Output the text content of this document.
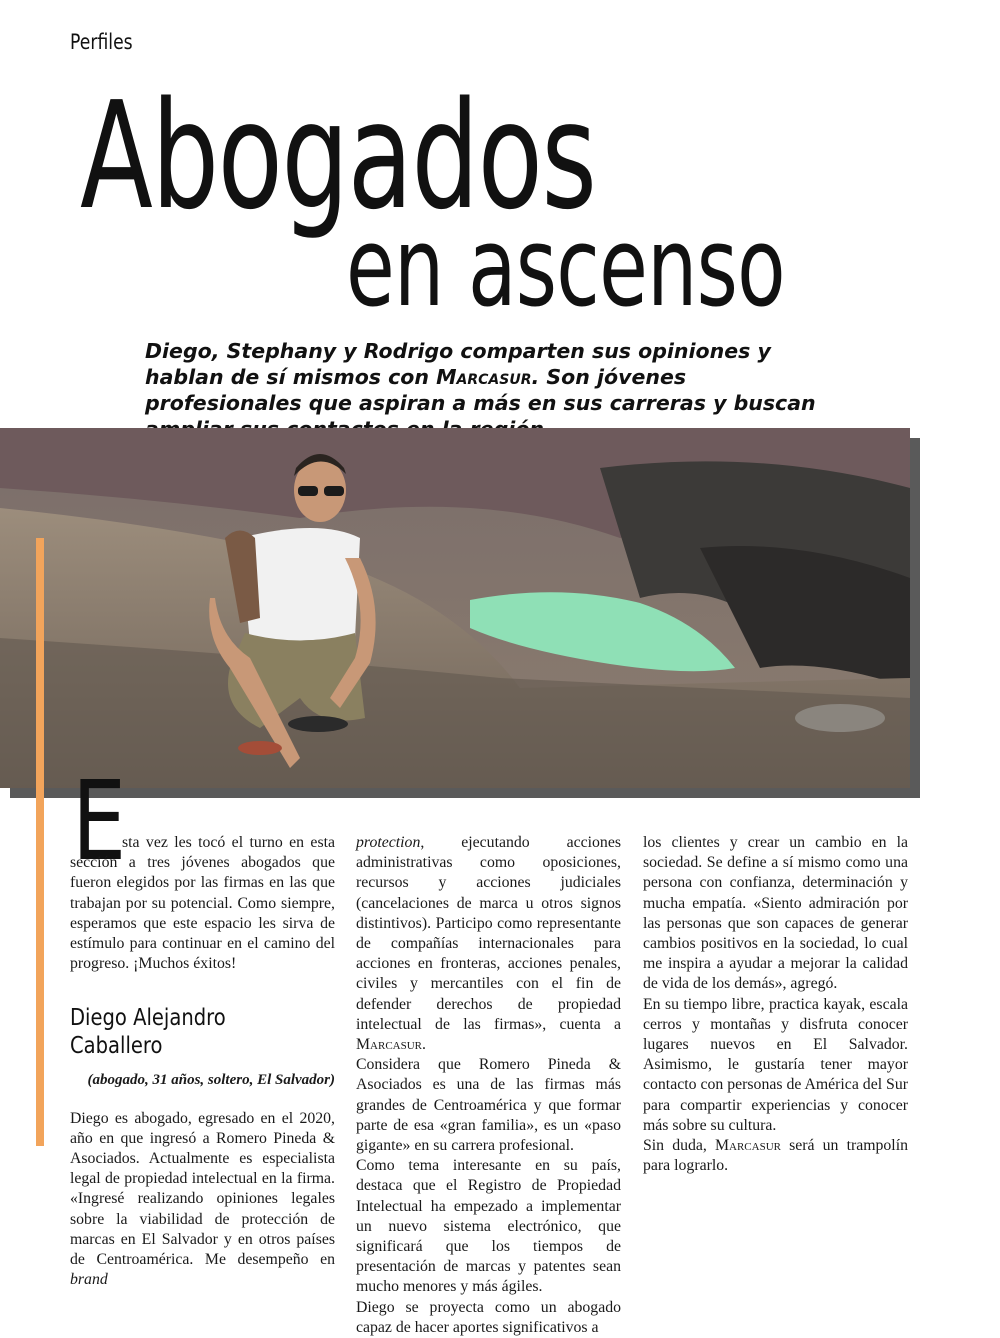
Perfiles
Abogados
en ascenso
Diego, Stephany y Rodrigo comparten sus opiniones y hablan de sí mismos con Marcasur. Son jóvenes profesionales que aspiran a más en sus carreras y buscan
E

sta vez les tocó el turno en esta sección a tres jóvenes abogados que fueron elegidos por las firmas en las que trabajan por su potencial. Como siempre, esperamos que este espacio les sirva de estímulo para continuar en el camino del progreso. ¡Muchos éxitos!

Diego Alejandro
Caballero
(abogado, 31 años, soltero, El Salvador)

Diego es abogado, egresado en el 2020, año en que ingresó a Romero Pineda & Asociados. Actualmente es especialista legal de propiedad intelectual en la firma. «Ingresé realizando opiniones legales sobre la viabilidad de protección de marcas en El Salvador y en otros países de Centroamérica. Me desempeño en brand

protection, ejecutando acciones administrativas como oposiciones, recursos y acciones judiciales (cancelaciones de marca u otros signos distintivos). Participo como representante de compañías internacionales para acciones en fronteras, acciones penales, civiles y mercantiles con el fin de defender derechos de propiedad intelectual de las firmas», cuenta a Marcasur.

Considera que Romero Pineda & Asociados es una de las firmas más grandes de Centroamérica y que formar parte de esa «gran familia», es un «paso gigante» en su carrera profesional.

Como tema interesante en su país, destaca que el Registro de Propiedad Intelectual ha empezado a implementar un nuevo sistema electrónico, que significará que los tiempos de presentación de marcas y patentes sean mucho menores y más ágiles.

Diego se proyecta como un abogado capaz de hacer aportes significativos a

los clientes y crear un cambio en la sociedad. Se define a sí mismo como una persona con confianza, determinación y mucha empatía. «Siento admiración por las personas que son capaces de generar cambios positivos en la sociedad, lo cual me inspira a ayudar a mejorar la calidad de vida de los demás», agregó.

En su tiempo libre, practica kayak, escala cerros y montañas y disfruta conocer lugares nuevos en El Salvador. Asimismo, le gustaría tener mayor contacto con personas de América del Sur para compartir experiencias y conocer más sobre su cultura.

Sin duda, Marcasur será un trampolín para lograrlo.
